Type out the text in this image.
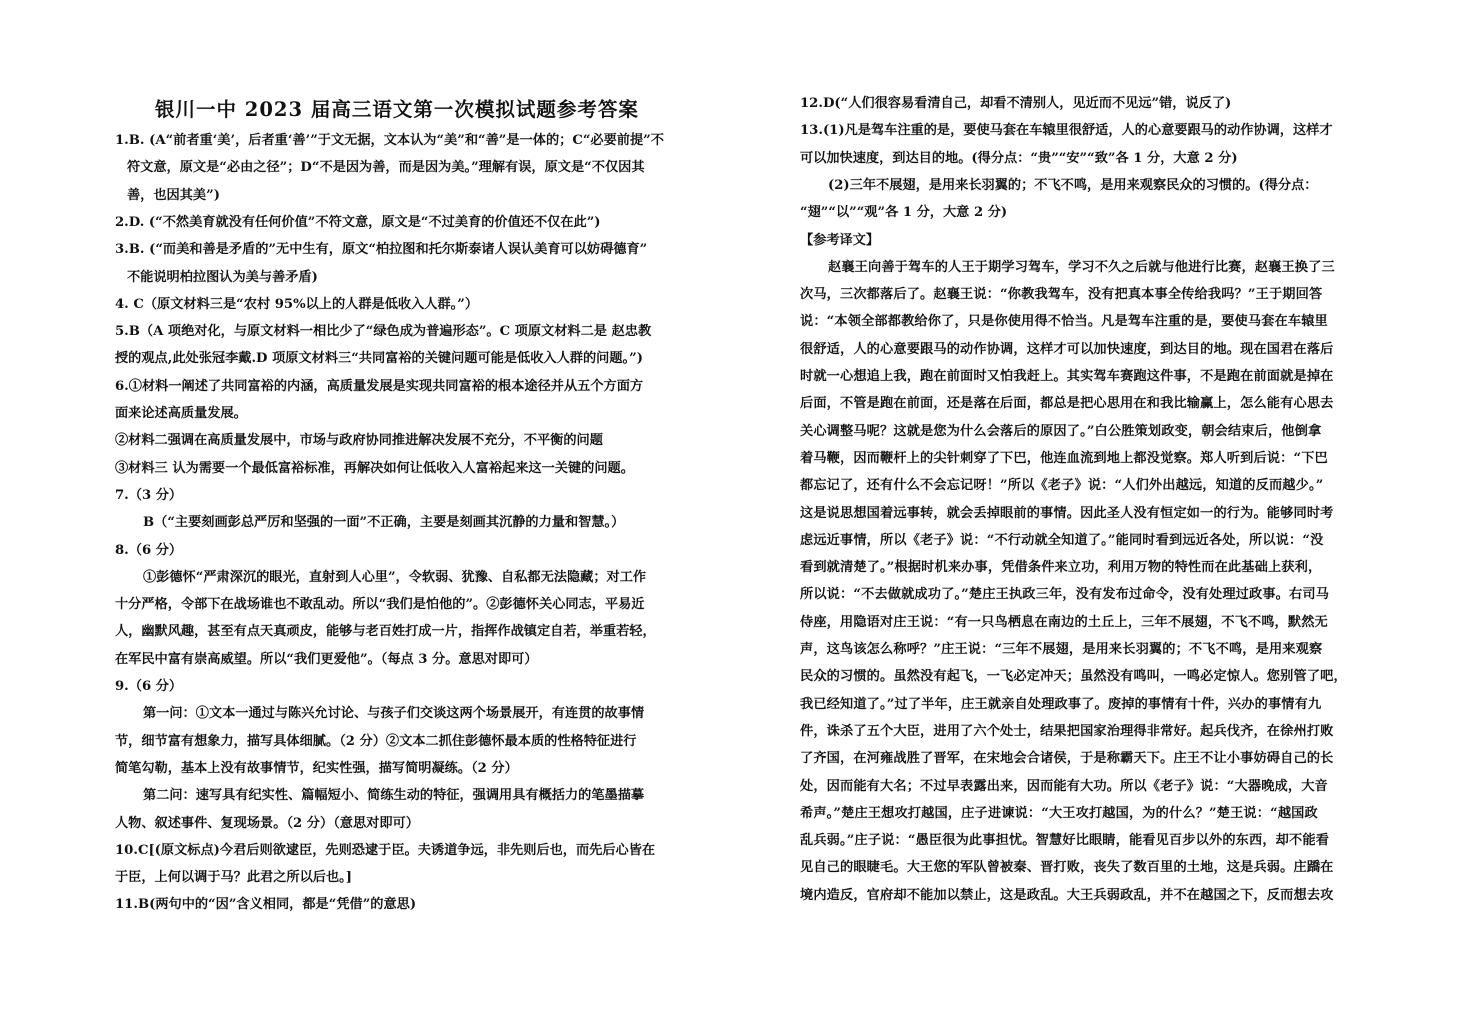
银川一中 2023 届高三语文第一次模拟试题参考答案
1.B. (A“前者重‘美’，后者重‘善’”于文无据，文本认为“美”和“善”是一体的；C“必要前提”不
符文意，原文是“必由之径”；D“不是因为善，而是因为美。”理解有误，原文是“不仅因其
善，也因其美”)
2.D. (“不然美育就没有任何价值”不符文意，原文是“不过美育的价值还不仅在此”)
3.B. (“而美和善是矛盾的”无中生有，原文“柏拉图和托尔斯泰诸人误认美育可以妨碍德育”
不能说明柏拉图认为美与善矛盾)
4. C（原文材料三是“农村 95%以上的人群是低收入人群。”）
5.B（A 项绝对化，与原文材料一相比少了“绿色成为普遍形态”。C 项原文材料二是 赵忠教
授的观点,此处张冠李戴.D 项原文材料三“共同富裕的关键问题可能是低收入人群的问题。”)
6.①材料一阐述了共同富裕的内涵，高质量发展是实现共同富裕的根本途径并从五个方面方
面来论述高质量发展。
②材料二强调在高质量发展中，市场与政府协同推进解决发展不充分，不平衡的问题
③材料三 认为需要一个最低富裕标准，再解决如何让低收入人富裕起来这一关键的问题。
7.（3 分）
B（“主要刻画彭总严厉和坚强的一面”不正确，主要是刻画其沉静的力量和智慧。）
8.（6 分）
①彭德怀“严肃深沉的眼光，直射到人心里”，令软弱、犹豫、自私都无法隐藏；对工作
十分严格，令部下在战场谁也不敢乱动。所以“我们是怕他的”。②彭德怀关心同志，平易近
人，幽默风趣，甚至有点天真顽皮，能够与老百姓打成一片，指挥作战镇定自若，举重若轻，
在军民中富有崇高威望。所以“我们更爱他”。（每点 3 分。意思对即可）
9.（6 分）
第一问：①文本一通过与陈兴允讨论、与孩子们交谈这两个场景展开，有连贯的故事情
节，细节富有想象力，描写具体细腻。（2 分）②文本二抓住彭德怀最本质的性格特征进行
简笔勾勒，基本上没有故事情节，纪实性强，描写简明凝练。（2 分）
第二问：速写具有纪实性、篇幅短小、简练生动的特征，强调用具有概括力的笔墨描摹
人物、叙述事件、复现场景。（2 分）（意思对即可）
10.C[(原文标点)今君后则欲逮臣，先则恐逮于臣。夫诱道争远，非先则后也，而先后心皆在
于臣，上何以调于马？此君之所以后也。]
11.B(两句中的“因”含义相同，都是“凭借”的意思)
12.D(“人们很容易看清自己，却看不清别人，见近而不见远”错，说反了)
13.(1)凡是驾车注重的是，要使马套在车辕里很舒适，人的心意要跟马的动作协调，这样才
可以加快速度，到达目的地。(得分点：“贵”“安”“致”各 1 分，大意 2 分)
(2)三年不展翅，是用来长羽翼的；不飞不鸣，是用来观察民众的习惯的。(得分点：
“翅”“以”“观”各 1 分，大意 2 分)
【参考译文】
赵襄王向善于驾车的人王于期学习驾车，学习不久之后就与他进行比赛，赵襄王换了三
次马，三次都落后了。赵襄王说：“你教我驾车，没有把真本事全传给我吗？”王于期回答
说：“本领全部都教给你了，只是你使用得不恰当。凡是驾车注重的是，要使马套在车辕里
很舒适，人的心意要跟马的动作协调，这样才可以加快速度，到达目的地。现在国君在落后
时就一心想追上我，跑在前面时又怕我赶上。其实驾车赛跑这件事，不是跑在前面就是掉在
后面，不管是跑在前面，还是落在后面，都总是把心思用在和我比输赢上，怎么能有心思去
关心调整马呢？这就是您为什么会落后的原因了。”白公胜策划政变，朝会结束后，他倒拿
着马鞭，因而鞭杆上的尖针刺穿了下巴，他连血流到地上都没觉察。郑人听到后说：“下巴
都忘记了，还有什么不会忘记呀！”所以《老子》说：“人们外出越远，知道的反而越少。”
这是说思想国着远事转，就会丢掉眼前的事情。因此圣人没有恒定如一的行为。能够同时考
虑远近事情，所以《老子》说：“不行动就全知道了。”能同时看到远近各处，所以说：“没
看到就清楚了。”根据时机来办事，凭借条件来立功，利用万物的特性而在此基础上获利，
所以说：“不去做就成功了。”楚庄王执政三年，没有发布过命令，没有处理过政事。右司马
侍座，用隐语对庄王说：“有一只鸟栖息在南边的土丘上，三年不展翅，不飞不鸣，默然无
声，这鸟该怎么称呼？”庄王说：“三年不展翅，是用来长羽翼的；不飞不鸣，是用来观察
民众的习惯的。虽然没有起飞，一飞必定冲天；虽然没有鸣叫，一鸣必定惊人。您别管了吧，
我已经知道了。”过了半年，庄王就亲自处理政事了。废掉的事情有十件，兴办的事情有九
件，诛杀了五个大臣，进用了六个处士，结果把国家治理得非常好。起兵伐齐，在徐州打败
了齐国，在河雍战胜了晋军，在宋地会合诸侯，于是称霸天下。庄王不让小事妨碍自己的长
处，因而能有大名；不过早表露出来，因而能有大功。所以《老子》说：“大器晚成，大音
希声。”楚庄王想攻打越国，庄子进谏说：“大王攻打越国，为的什么？”楚王说：“越国政
乱兵弱。”庄子说：“愚臣很为此事担忧。智慧好比眼睛，能看见百步以外的东西，却不能看
见自己的眼睫毛。大王您的军队曾被秦、晋打败，丧失了数百里的土地，这是兵弱。庄蹻在
境内造反，官府却不能加以禁止，这是政乱。大王兵弱政乱，并不在越国之下，反而想去攻
